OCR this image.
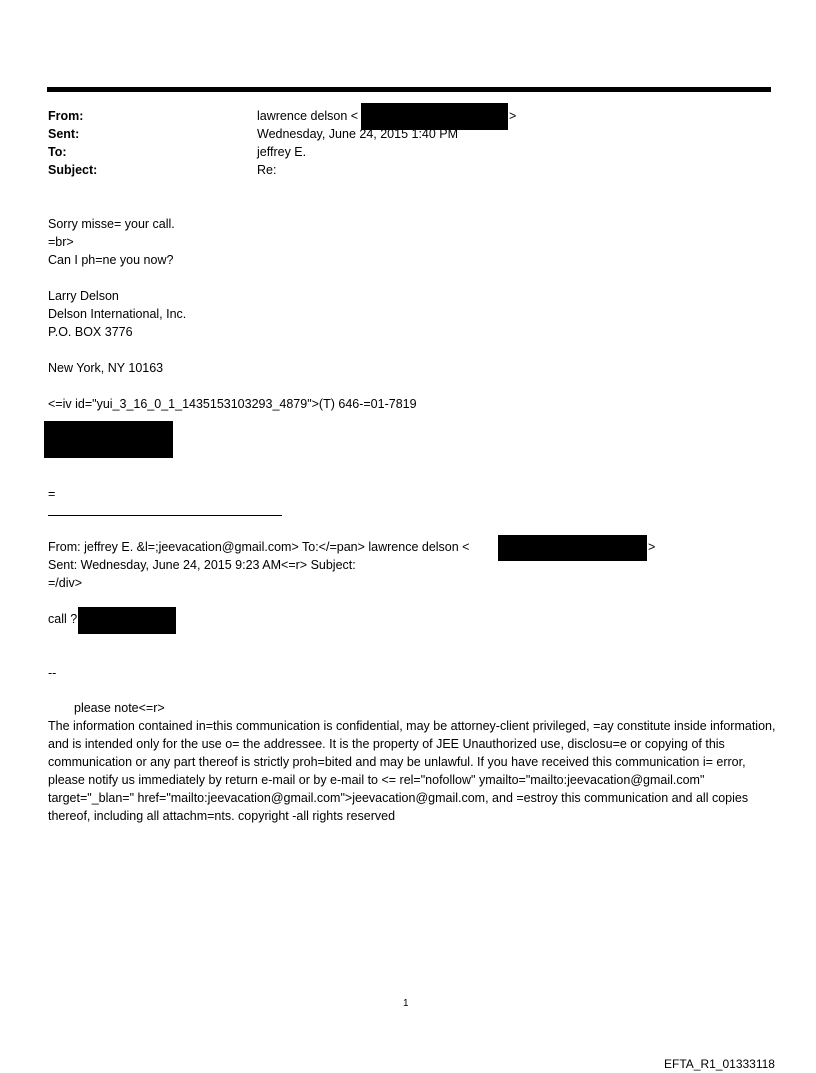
From:	lawrence delson <	>
Sent:	Wednesday, June 24, 2015 1:40 PM
To:	jeffrey E.
Subject:	Re:
Sorry misse= your call.
=br>
Can I ph=ne you now?
Larry Delson
Delson International, Inc.
P.O. BOX 3776
New York, NY 10163
<=iv id="yui_3_16_0_1_1435153103293_4879">(T) 646-=01-7819
=
From: jeffrey E. &l=;jeevacation@gmail.com> To:</=pan> lawrence delson <	>
Sent: Wednesday, June 24, 2015 9:23 AM<=r> Subject:
=/div>
call ?
--
please note<=r>
The information contained in=this communication is confidential, may be attorney-client privileged, =ay constitute inside information, and is intended only for the use o= the addressee. It is the property of JEE Unauthorized use, disclosu=e or copying of this communication or any part thereof is strictly proh=bited and may be unlawful. If you have received this communication i= error, please notify us immediately by return e-mail or by e-mail to <= rel="nofollow" ymailto="mailto:jeevacation@gmail.com" target="_blan=" href="mailto:jeevacation@gmail.com">jeevacation@gmail.com, and =estroy this communication and all copies thereof, including all attachm=nts. copyright -all rights reserved
1
EFTA_R1_01333118
